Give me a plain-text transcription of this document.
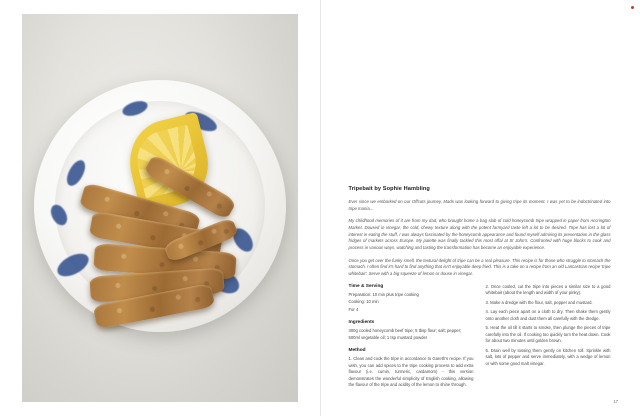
Tripebait by Sophie Hambling

Ever since we embarked on our Offcuts journey, Mads was looking forward to giving tripe its moment. I was yet to be indoctrinated into tripe mania...

My childhood memories of it are from my dad, who brought home a bag slab of cold honeycomb tripe wrapped in paper from Accrington Market. Doused in vinegar, the cold, chewy texture along with the potent farmyard taste left a lot to be desired. Tripe has lost a lot of interest in eating the stuff, I was always fascinated by the honeycomb appearance and found myself admiring its presentation in the glass fridges of markets across Europe. My palette was finally tackled this most offal at St John's. Confronted with huge blocks to cook and process in various ways, watching and tasting the transformation has become an enjoyable experience.

Once you get over the funky smell, the textural delight of tripe can be a real pleasure. This recipe is for those who struggle to stomach the stomach. I often find it's hard to find anything that isn't enjoyable deep fried. This is a take on a recipe from an old Lancastrian recipe 'tripe whitebait'. Serve with a big squeeze of lemon or douse in vinegar.

Time & Serving

Preparation: 10 min plus tripe cooking

Cooking: 10 min

For 4

Ingredients

300g cooled honeycomb beef tripe; 5 tbsp flour; salt; pepper; 500ml vegetable oil; 1 tsp mustard powder

Method

1. Clean and cook the tripe in accordance to Gareth's recipe. If you wish, you can add spices to the tripe cooking process to add extra flavour (i.e. cumin, turmeric, cardamom) - this version demonstrates the wonderful simplicity of English cooking, allowing the flavour of the tripe and acidity of the lemon to shine through.

2. Once cooled, cut the tripe into pieces a similar size to a good whitebait (about the length and width of your pinky).

3. Make a dredge with the flour, salt, pepper and mustard.

4. Lay each piece apart on a cloth to dry. Then shake them gently onto another cloth and dust them all carefully with the dredge.

5. Heat the oil till it starts to smoke, then plunge the pieces of tripe carefully into the oil. If cooking too quickly turn the heat down. Cook for about two minutes until golden brown.

6. Drain well by tossing them gently on kitchen roll. Sprinkle with salt, lots of pepper and serve immediately, with a wedge of lemon or with some good malt vinegar.

17
